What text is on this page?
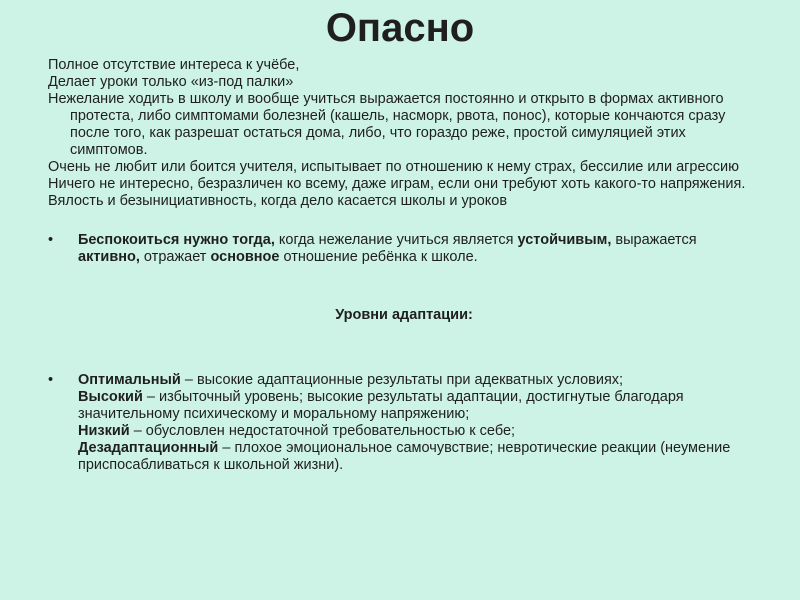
Опасно

Полное отсутствие интереса к учёбе,

Делает уроки только «из-под палки»

Нежелание ходить в школу и вообще учиться выражается постоянно и открыто в формах активного протеста, либо симптомами болезней (кашель, насморк, рвота, понос), которые кончаются сразу после того, как разрешат остаться дома, либо, что гораздо реже, простой симуляцией этих симптомов.

Очень не любит или боится учителя, испытывает по отношению к нему страх, бессилие или агрессию

Ничего не интересно, безразличен ко всему, даже играм, если они требуют хоть какого-то напряжения.

Вялость и безынициативность, когда дело касается школы и уроков

•	Беспокоиться нужно тогда, когда нежелание учиться является устойчивым, выражается активно, отражает основное отношение ребёнка к школе.

Уровни адаптации:

•	Оптимальный – высокие адаптационные результаты при адекватных условиях;
Высокий – избыточный уровень; высокие результаты адаптации, достигнутые благодаря значительному психическому и моральному напряжению;
Низкий – обусловлен недостаточной требовательностью к себе;
Дезадаптационный – плохое эмоциональное самочувствие; невротические реакции (неумение приспосабливаться к школьной жизни).
